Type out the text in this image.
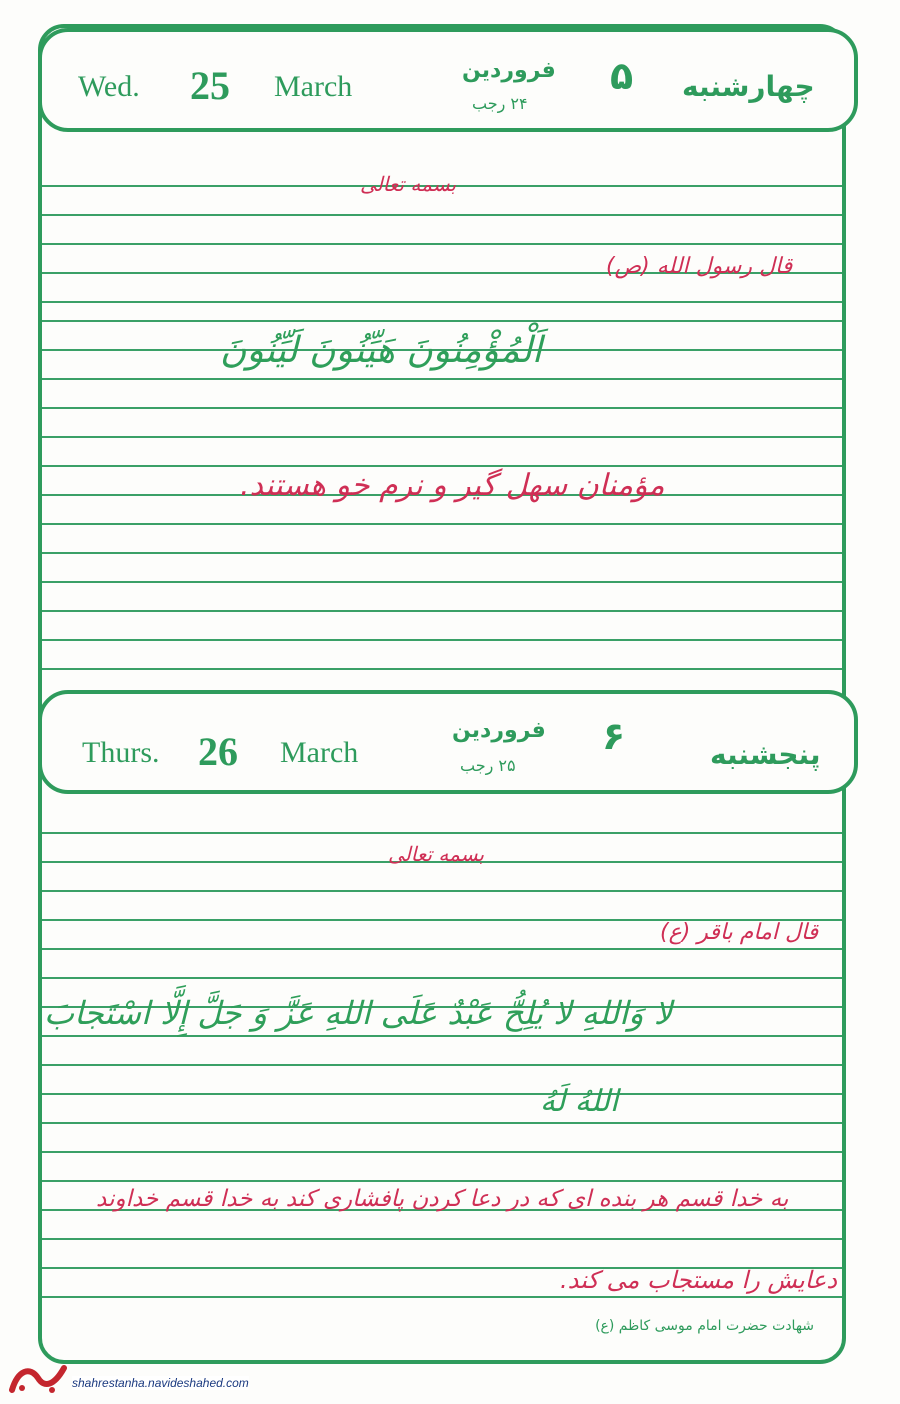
Wed. 25 March	فروردین
۲۴ رجب
۵ چهارشنبه
بسمه تعالی
قال رسول الله (ص)
اَلْمُؤْمِنُونَ هَيِّنُونَ لَيِّنُونَ
مؤمنان سهل گیر و نرم خو هستند.
Thurs. 26 March
فروردین
۲۵ رجب
۶	پنجشنبه
بسمه تعالی
قال امام باقر (ع)
لا وَاللهِ لا يُلِحُّ عَبْدٌ عَلَى اللهِ عَزَّ وَ جَلَّ إِلَّا اسْتَجابَ
اللهُ لَهُ
به خدا قسم هر بنده ای که در دعا کردن پافشاری کند به خدا قسم خداوند
دعایش را مستجاب می کند.
شهادت حضرت امام موسی کاظم (ع)
shahrestanha.navideshahed.com
